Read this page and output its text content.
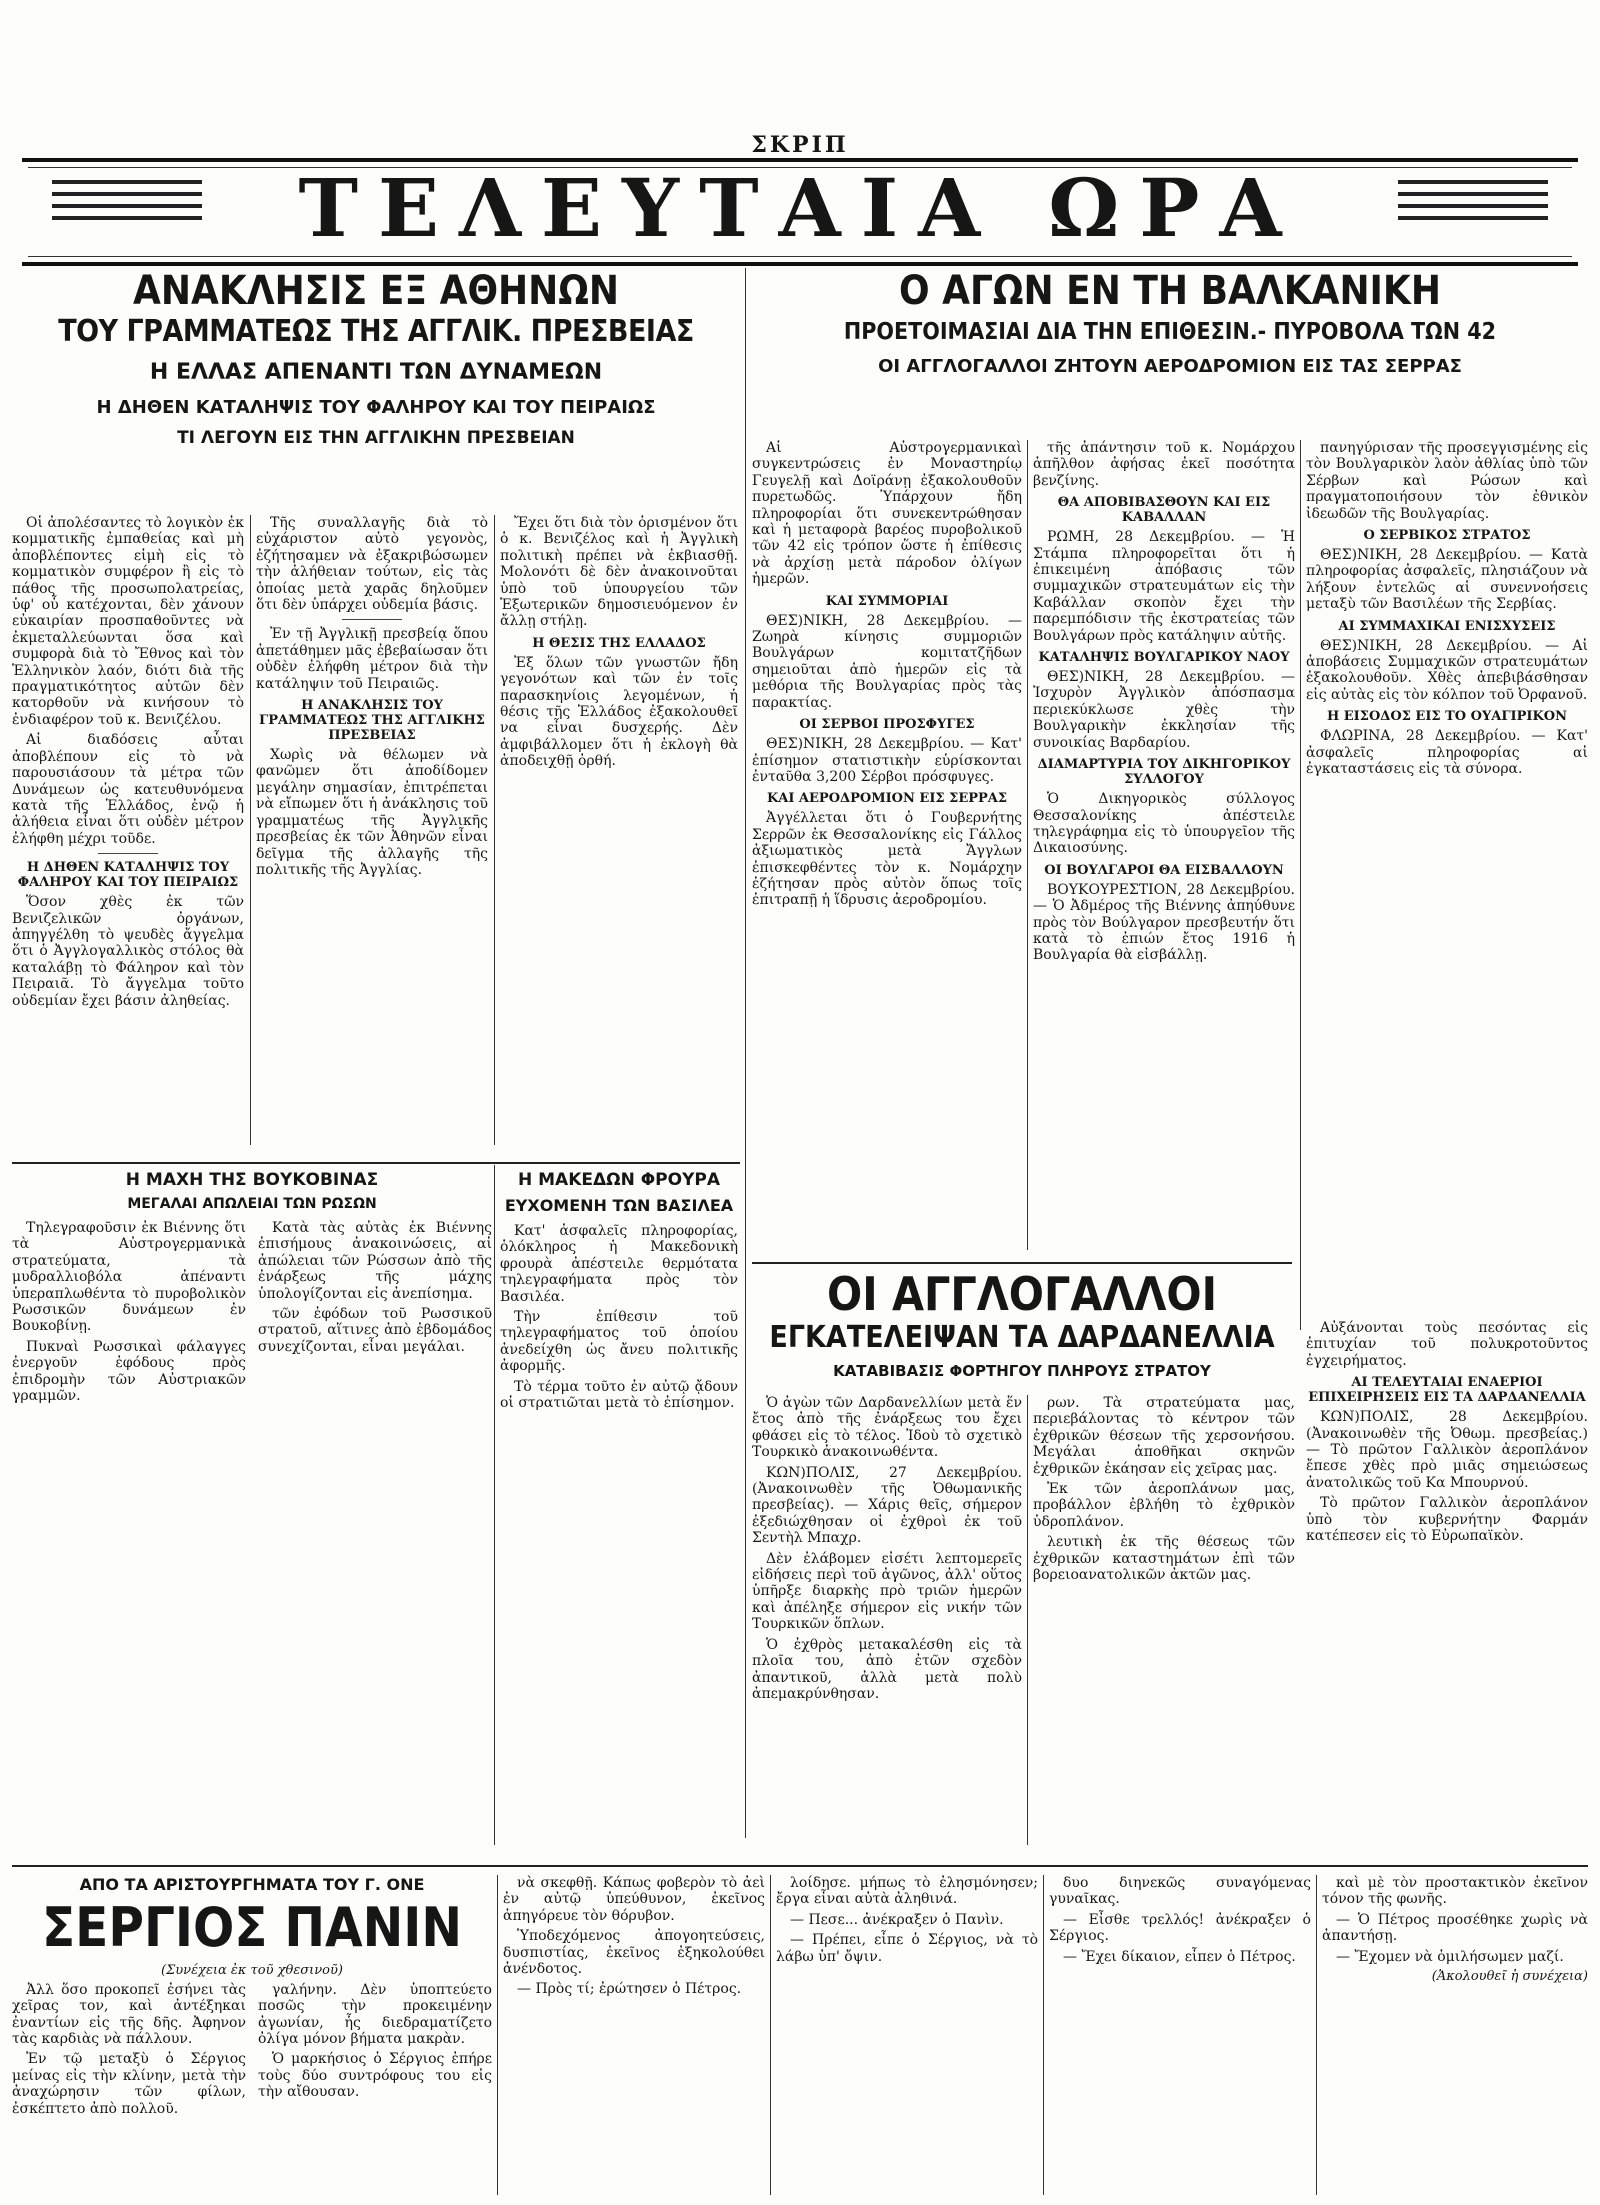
ΣΚΡΙΠ
ΤΕΛΕΥΤΑΙΑ ΩΡΑ
ΑΝΑΚΛΗΣΙΣ ΕΞ ΑΘΗΝΩΝ
ΤΟΥ ΓΡΑΜΜΑΤΕΩΣ ΤΗΣ ΑΓΓΛΙΚ. ΠΡΕΣΒΕΙΑΣ
Η ΕΛΛΑΣ ΑΠΕΝΑΝΤΙ ΤΩΝ ΔΥΝΑΜΕΩΝ
Η ΔΗΘΕΝ ΚΑΤΑΛΗΨΙΣ ΤΟΥ ΦΑΛΗΡΟΥ ΚΑΙ ΤΟΥ ΠΕΙΡΑΙΩΣ
ΤΙ ΛΕΓΟΥΝ ΕΙΣ ΤΗΝ ΑΓΓΛΙΚΗΝ ΠΡΕΣΒΕΙΑΝ
Ο ΑΓΩΝ ΕΝ ΤΗ ΒΑΛΚΑΝΙΚΗ
ΠΡΟΕΤΟΙΜΑΣΙΑΙ ΔΙΑ ΤΗΝ ΕΠΙΘΕΣΙΝ.- ΠΥΡΟΒΟΛΑ ΤΩΝ 42
ΟΙ ΑΓΓΛΟΓΑΛΛΟΙ ΖΗΤΟΥΝ ΑΕΡΟΔΡΟΜΙΟΝ ΕΙΣ ΤΑΣ ΣΕΡΡΑΣ

Οἱ ἀπολέσαντες τὸ λογικὸν ἐκ κομματικῆς ἐμπαθείας καὶ μὴ ἀποβλέποντες εἰμὴ εἰς τὸ κομματικὸν συμφέρον ἢ εἰς τὸ πάθος τῆς προσωπολατρείας, ὑφ' οὗ κατέχονται, δὲν χάνουν εὐκαιρίαν προσπαθοῦντες νὰ ἐκμεταλλεύωνται ὅσα καὶ συμφορὰ διὰ τὸ Ἔθνος καὶ τὸν Ἑλληνικὸν λαόν, διότι διὰ τῆς πραγματικότητος αὐτῶν δὲν κατορθοῦν νὰ κινήσουν τὸ ἐνδιαφέρον τοῦ κ. Βενιζέλου.

Αἱ διαδόσεις αὗται ἀποβλέπουν εἰς τὸ νὰ παρουσιάσουν τὰ μέτρα τῶν Δυνάμεων ὡς κατευθυνόμενα κατὰ τῆς Ἑλλάδος, ἐνῷ ἡ ἀλήθεια εἶναι ὅτι οὐδὲν μέτρον ἐλήφθη μέχρι τοῦδε.

Η ΔΗΘΕΝ ΚΑΤΑΛΗΨΙΣ ΤΟΥ ΦΑΛΗΡΟΥ ΚΑΙ ΤΟΥ ΠΕΙΡΑΙΩΣ

Ὅσον χθὲς ἐκ τῶν Βενιζελικῶν ὀργάνων, ἀπηγγέλθη τὸ ψευδὲς ἄγγελμα ὅτι ὁ Ἀγγλογαλλικὸς στόλος θὰ καταλάβῃ τὸ Φάληρον καὶ τὸν Πειραιᾶ. Τὸ ἄγγελμα τοῦτο οὐδεμίαν ἔχει βάσιν ἀληθείας.

Τῆς συναλλαγῆς διὰ τὸ εὐχάριστον αὐτὸ γεγονὸς, ἐζήτησαμεν νὰ ἐξακριβώσωμεν τὴν ἀλήθειαν τούτων, εἰς τὰς ὁποίας μετὰ χαρᾶς δηλοῦμεν ὅτι δὲν ὑπάρχει οὐδεμία βάσις.

Ἐν τῇ Ἀγγλικῇ πρεσβείᾳ ὅπου ἀπετάθημεν μᾶς ἐβεβαίωσαν ὅτι οὐδὲν ἐλήφθη μέτρον διὰ τὴν κατάληψιν τοῦ Πειραιῶς.

Η ΑΝΑΚΛΗΣΙΣ ΤΟΥ ΓΡΑΜΜΑΤΕΩΣ ΤΗΣ ΑΓΓΛΙΚΗΣ ΠΡΕΣΒΕΙΑΣ

Χωρὶς νὰ θέλωμεν νὰ φανῶμεν ὅτι ἀποδίδομεν μεγάλην σημασίαν, ἐπιτρέπεται νὰ εἴπωμεν ὅτι ἡ ἀνάκλησις τοῦ γραμματέως τῆς Ἀγγλικῆς πρεσβείας ἐκ τῶν Ἀθηνῶν εἶναι δεῖγμα τῆς ἀλλαγῆς τῆς πολιτικῆς τῆς Ἀγγλίας.

Ἔχει ὅτι διὰ τὸν ὁρισμένον ὅτι ὁ κ. Βενιζέλος καὶ ἡ Ἀγγλικὴ πολιτικὴ πρέπει νὰ ἐκβιασθῇ. Μολονότι δὲ δὲν ἀνακοινοῦται ὑπὸ τοῦ ὑπουργείου τῶν Ἐξωτερικῶν δημοσιευόμενον ἐν ἄλλῃ στήλῃ.

Η ΘΕΣΙΣ ΤΗΣ ΕΛΛΑΔΟΣ

Ἐξ ὅλων τῶν γνωστῶν ἤδη γεγονότων καὶ τῶν ἐν τοῖς παρασκηνίοις λεγομένων, ἡ θέσις τῆς Ἑλλάδος ἐξακολουθεῖ να εἶναι δυσχερής. Δὲν ἀμφιβάλλομεν ὅτι ἡ ἐκλογὴ θὰ ἀποδειχθῇ ὀρθή.

Αἱ Αὐστρογερμανικαὶ συγκεντρώσεις ἐν Μοναστηρίῳ Γευγελῇ καὶ Δοϊράνῃ ἐξακολουθοῦν πυρετωδῶς. Ὑπάρχουν ἤδη πληροφορίαι ὅτι συνεκεντρώθησαν καὶ ἡ μεταφορὰ βαρέος πυροβολικοῦ τῶν 42 εἰς τρόπον ὥστε ἡ ἐπίθεσις νὰ ἀρχίσῃ μετὰ πάροδον ὀλίγων ἡμερῶν.

ΚΑΙ ΣΥΜΜΟΡΙΑΙ

ΘΕΣ)ΝΙΚΗ, 28 Δεκεμβρίου. — Ζωηρὰ κίνησις συμμοριῶν Βουλγάρων κομιτατζῆδων σημειοῦται ἀπὸ ἡμερῶν εἰς τὰ μεθόρια τῆς Βουλγαρίας πρὸς τὰς παρακτίας.

ΟΙ ΣΕΡΒΟΙ ΠΡΟΣΦΥΓΕΣ

ΘΕΣ)ΝΙΚΗ, 28 Δεκεμβρίου. — Κατ' ἐπίσημον στατιστικὴν εὑρίσκονται ἐνταῦθα 3,200 Σέρβοι πρόσφυγες.

ΚΑΙ ΑΕΡΟΔΡΟΜΙΟΝ ΕΙΣ ΣΕΡΡΑΣ

Ἀγγέλλεται ὅτι ὁ Γουβερνήτης Σερρῶν ἐκ Θεσσαλονίκης εἰς Γάλλος ἀξιωματικὸς μετὰ Ἄγγλων ἐπισκεφθέντες τὸν κ. Νομάρχην ἐζήτησαν πρὸς αὐτὸν ὅπως τοῖς ἐπιτραπῇ ἡ ἵδρυσις ἀεροδρομίου.

τῆς ἀπάντησιν τοῦ κ. Νομάρχου ἀπῆλθον ἀφήσας ἐκεῖ ποσότητα βενζίνης.

ΘΑ ΑΠΟΒΙΒΑΣΘΟΥΝ ΚΑΙ ΕΙΣ ΚΑΒΑΛΛΑΝ

ΡΩΜΗ, 28 Δεκεμβρίου. — Ἡ Στάμπα πληροφορεῖται ὅτι ἡ ἐπικειμένη ἀπόβασις τῶν συμμαχικῶν στρατευμάτων εἰς τὴν Καβάλλαν σκοπὸν ἔχει τὴν παρεμπόδισιν τῆς ἐκστρατείας τῶν Βουλγάρων πρὸς κατάληψιν αὐτῆς.

ΚΑΤΑΛΗΨΙΣ ΒΟΥΛΓΑΡΙΚΟΥ ΝΑΟΥ

ΘΕΣ)ΝΙΚΗ, 28 Δεκεμβρίου. — Ἰσχυρὸν Ἀγγλικὸν ἀπόσπασμα περιεκύκλωσε χθὲς τὴν Βουλγαρικὴν ἐκκλησίαν τῆς συνοικίας Βαρδαρίου.

ΔΙΑΜΑΡΤΥΡΙΑ ΤΟΥ ΔΙΚΗΓΟΡΙΚΟΥ ΣΥΛΛΟΓΟΥ

Ὁ Δικηγορικὸς σύλλογος Θεσσαλονίκης ἀπέστειλε τηλεγράφημα εἰς τὸ ὑπουργεῖον τῆς Δικαιοσύνης.

ΟΙ ΒΟΥΛΓΑΡΟΙ ΘΑ ΕΙΣΒΑΛΛΟΥΝ

ΒΟΥΚΟΥΡΕΣΤΙΟΝ, 28 Δεκεμβρίου. — Ὁ Ἀδμέρος τῆς Βιέννης ἀπηύθυνε πρὸς τὸν Βούλγαρον πρεσβευτήν ὅτι κατὰ τὸ ἐπιών ἔτος 1916 ἡ Βουλγαρία θὰ εἰσβάλλῃ.

πανηγύρισαν τῆς προσεγγισμένης εἰς τὸν Βουλγαρικὸν λαὸν ἀθλίας ὑπὸ τῶν Σέρβων καὶ Ρώσων καὶ πραγματοποιήσουν τὸν ἐθνικὸν ἰδεωδῶν τῆς Βουλγαρίας.

Ο ΣΕΡΒΙΚΟΣ ΣΤΡΑΤΟΣ

ΘΕΣ)ΝΙΚΗ, 28 Δεκεμβρίου. — Κατὰ πληροφορίας ἀσφαλεῖς, πλησιάζουν νὰ λήξουν ἐντελῶς αἱ συνεννοήσεις μεταξὺ τῶν Βασιλέων τῆς Σερβίας.

ΑΙ ΣΥΜΜΑΧΙΚΑΙ ΕΝΙΣΧΥΣΕΙΣ

ΘΕΣ)ΝΙΚΗ, 28 Δεκεμβρίου. — Αἱ ἀποβάσεις Συμμαχικῶν στρατευμάτων ἐξακολουθοῦν. Χθὲς ἀπεβιβάσθησαν εἰς αὐτὰς εἰς τὸν κόλπον τοῦ Ὀρφανοῦ.

Η ΕΙΣΟΔΟΣ ΕΙΣ ΤΟ ΟΥΑΓΙΡΙΚΟΝ

ΦΛΩΡΙΝΑ, 28 Δεκεμβρίου. — Κατ' ἀσφαλεῖς πληροφορίας αἱ ἐγκαταστάσεις εἰς τὰ σύνορα.

ΟΙ ΑΓΓΛΟΓΑΛΛΟΙ
ΕΓΚΑΤΕΛΕΙΨΑΝ ΤΑ ΔΑΡΔΑΝΕΛΛΙΑ
ΚΑΤΑΒΙΒΑΣΙΣ ΦΟΡΤΗΓΟΥ ΠΛΗΡΟΥΣ ΣΤΡΑΤΟΥ

Ὁ ἀγὼν τῶν Δαρδανελλίων μετὰ ἕν ἔτος ἀπὸ τῆς ἐνάρξεως του ἔχει φθάσει εἰς τὸ τέλος. Ἰδοὺ τὸ σχετικὸ Τουρκικὸ ἀνακοινωθέντα.

ΚΩΝ)ΠΟΛΙΣ, 27 Δεκεμβρίου. (Ἀνακοινωθὲν τῆς Ὀθωμανικῆς πρεσβείας). — Χάρις θεῖς, σήμερον ἐξεδιώχθησαν οἱ ἐχθροὶ ἐκ τοῦ Σεντὴλ Μπαχρ.

Δὲν ἐλάβομεν εἰσέτι λεπτομερεῖς εἰδήσεις περὶ τοῦ ἀγῶνος, ἀλλ' οὕτος ὑπῆρξε διαρκὴς πρὸ τριῶν ἡμερῶν καὶ ἀπέληξε σήμερον εἰς νικήν τῶν Τουρκικῶν ὅπλων.

Ὁ ἐχθρὸς μετακαλέσθη εἰς τὰ πλοῖα του, ἀπὸ ἐτῶν σχεδὸν ἀπαντικοῦ, ἀλλὰ μετὰ πολὺ ἀπεμακρύνθησαν.

ρων. Τὰ στρατεύματα μας, περιεβάλοντας τὸ κέντρον τῶν ἐχθρικῶν θέσεων τῆς χερσονήσου. Μεγάλαι ἀποθῆκαι σκηνῶν ἐχθρικῶν ἐκάησαν εἰς χεῖρας μας.

Ἐκ τῶν ἀεροπλάνων μας, προβάλλον ἐβλήθη τὸ ἐχθρικὸν ὑδροπλάνον.

λευτικὴ ἐκ τῆς θέσεως τῶν ἐχθρικῶν καταστημάτων ἐπὶ τῶν βορειοανατολικῶν ἀκτῶν μας.

Αὐξάνονται τοὺς πεσόντας εἰς ἐπιτυχίαν τοῦ πολυκροτοῦντος ἐγχειρήματος.

ΑΙ ΤΕΛΕΥΤΑΙΑΙ ΕΝΑΕΡΙΟΙ ΕΠΙΧΕΙΡΗΣΕΙΣ ΕΙΣ ΤΑ ΔΑΡΔΑΝΕΛΛΙΑ

ΚΩΝ)ΠΟΛΙΣ, 28 Δεκεμβρίου. (Ἀνακοινωθὲν τῆς Ὀθωμ. πρεσβείας.) — Τὸ πρῶτον Γαλλικὸν ἀεροπλάνον ἔπεσε χθὲς πρὸ μιᾶς σημειώσεως ἀνατολικῶς τοῦ Κα Μπουρνού.

Τὸ πρῶτον Γαλλικὸν ἀεροπλάνον ὑπὸ τὸν κυβερνήτην Φαρμάν κατέπεσεν εἰς τὸ Εὐρωπαϊκὸν.

Η ΜΑΧΗ ΤΗΣ ΒΟΥΚΟΒΙΝΑΣ
ΜΕΓΑΛΑΙ ΑΠΩΛΕΙΑΙ ΤΩΝ ΡΩΣΩΝ

Τηλεγραφοῦσιν ἐκ Βιέννης ὅτι τὰ Αὐστρογερμανικὰ στρατεύματα, τὰ μυδραλλιοβόλα ἀπέναντι ὑπεραπλωθέντα τὸ πυροβολικὸν Ρωσσικῶν δυνάμεων ἐν Βουκοβίνῃ.

Πυκναὶ Ρωσσικαὶ φάλαγγες ἐνεργοῦν ἐφόδους πρὸς ἐπιδρομὴν τῶν Αὐστριακῶν γραμμῶν.

Κατὰ τὰς αὐτὰς ἐκ Βιέννης ἐπισήμους ἀνακοινώσεις, αἱ ἀπώλειαι τῶν Ρώσσων ἀπὸ τῆς ἐνάρξεως τῆς μάχης ὑπολογίζονται εἰς ἀνεπίσημα.

τῶν ἐφόδων τοῦ Ρωσσικοῦ στρατοῦ, αἵτινες ἀπὸ ἑβδομάδος συνεχίζονται, εἶναι μεγάλαι.

Η ΜΑΚΕΔΩΝ ΦΡΟΥΡΑ
ΕΥΧΟΜΕΝΗ ΤΩΝ ΒΑΣΙΛΕΑ

Κατ' ἀσφαλεῖς πληροφορίας, ὁλόκληρος ἡ Μακεδονικὴ φρουρὰ ἀπέστειλε θερμότατα τηλεγραφήματα πρὸς τὸν Βασιλέα.

Τὴν ἐπίθεσιν τοῦ τηλεγραφήματος τοῦ ὁποίου ἀνεδείχθη ὡς ἄνευ πολιτικῆς ἀφορμῆς.

Τὸ τέρμα τοῦτο ἐν αὐτῷ ᾄδουν οἱ στρατιῶται μετὰ τὸ ἐπίσημον.

ΑΠΟ ΤΑ ΑΡΙΣΤΟΥΡΓΗΜΑΤΑ ΤΟΥ Γ. ΟΝΕ
ΣΕΡΓΙΟΣ ΠΑΝΙΝ
(Συνέχεια ἐκ τοῦ χθεσινοῦ)

Ἀλλ ὅσο προκοπεῖ ἐσήνει τὰς χεῖρας τον, καὶ ἀντέξηκαι ἐναντίων εἰς τῆς δῆς. Ἀφηνον τὰς καρδιὰς νὰ πάλλουν.

Ἐν τῷ μεταξὺ ὁ Σέργιος μείνας εἰς τὴν κλίνην, μετὰ τὴν ἀναχώρησιν τῶν φίλων, ἐσκέπτετο ἀπὸ πολλοῦ.

γαλήνην. Δὲν ὑποπτεύετο ποσῶς τὴν προκειμένην ἀγωνίαν, ἧς διεδραματίζετο ὀλίγα μόνον βήματα μακρὰν.

Ὁ μαρκήσιος ὁ Σέργιος ἐπήρε τοὺς δύο συντρόφους του εἰς τὴν αἴθουσαν.

νὰ σκεφθῇ. Κάπως φοβερὸν τὸ ἀεὶ ἐν αὐτῷ ὑπεύθυνον, ἐκεῖνος ἀπηγόρευε τὸν θόρυβον.

Ὑποδεχόμενος ἀπογοητεύσεις, δυσπιστίας, ἐκεῖνος ἐξηκολούθει ἀνένδοτος.

— Πρὸς τί; ἐρώτησεν ὁ Πέτρος.

λοίδησε. μήπως τὸ ἐλησμόνησεν; ἔργα εἶναι αὐτὰ ἀληθινά.

— Πεσε... ἀνέκραξεν ὁ Πανὶν.

— Πρέπει, εἶπε ὁ Σέργιος, νὰ τὸ λάβω ὑπ' ὄψιν.

δυο διηνεκῶς συναγόμενας γυναῖκας.

— Εἶσθε τρελλός! ἀνέκραξεν ὁ Σέργιος.

— Ἔχει δίκαιον, εἶπεν ὁ Πέτρος.

καὶ μὲ τὸν προστακτικὸν ἐκεῖνον τόνον τῆς φωνῆς.

— Ὁ Πέτρος προσέθηκε χωρὶς νὰ ἀπαντήσῃ.

— Ἔχομεν νὰ ὁμιλήσωμεν μαζί.

(Ἀκολουθεῖ ἡ συνέχεια)
